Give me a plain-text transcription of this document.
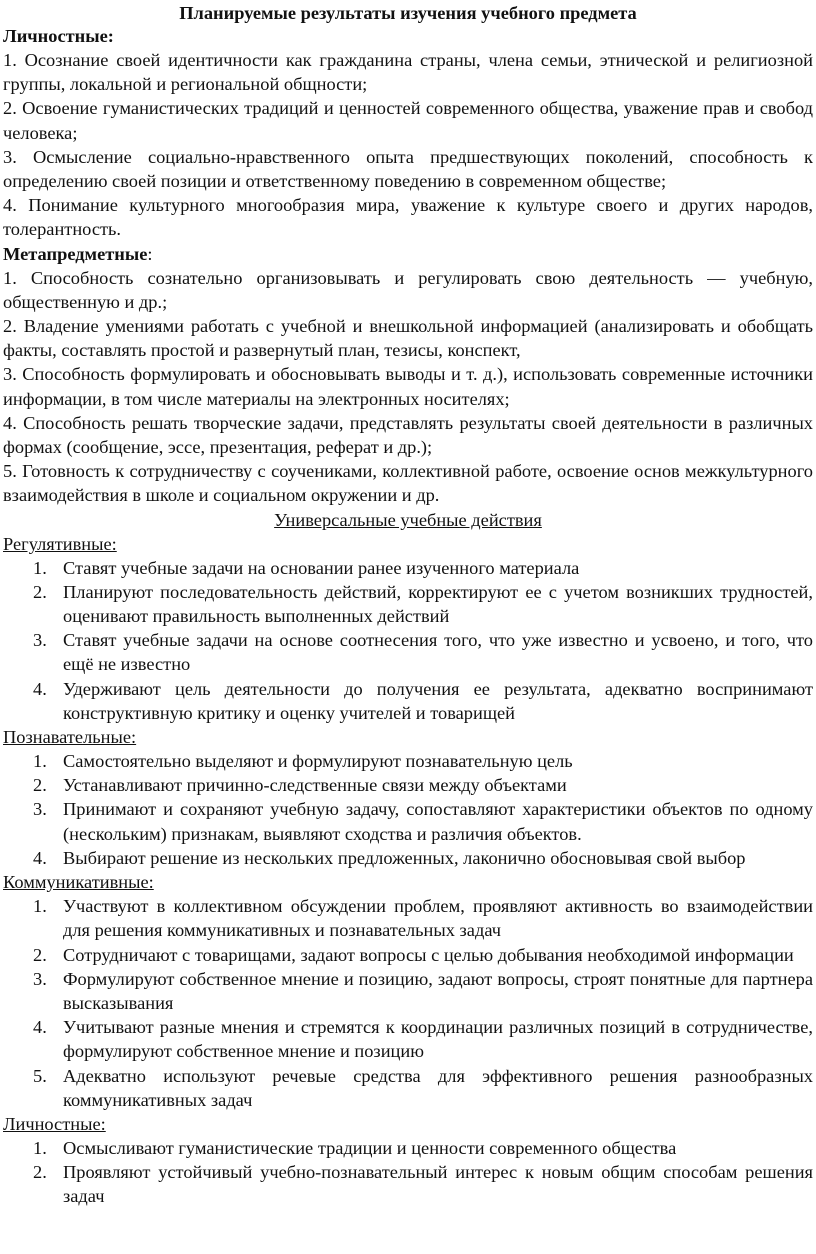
Планируемые результаты изучения учебного предмета

Личностные:

1. Осознание своей идентичности как гражданина страны, члена семьи, этнической и религиозной группы, локальной и региональной общности;

2. Освоение гуманистических традиций и ценностей современного общества, уважение прав и свобод человека;

3. Осмысление социально-нравственного опыта предшествующих поколений, способность к определению своей позиции и ответственному поведению в современном обществе;

4. Понимание культурного многообразия мира, уважение к культуре своего и других народов, толерантность.

Метапредметные:

1. Способность сознательно организовывать и регулировать свою деятельность — учебную, общественную и др.;

2. Владение умениями работать с учебной и внешкольной информацией (анализировать и обобщать факты, составлять простой и развернутый план, тезисы, конспект,

3. Способность формулировать и обосновывать выводы и т. д.), использовать современные источники информации, в том числе материалы на электронных носителях;

4. Способность решать творческие задачи, представлять результаты своей деятельности в различных формах (сообщение, эссе, презентация, реферат и др.);

5. Готовность к сотрудничеству с соучениками, коллективной работе, освоение основ межкультурного взаимодействия в школе и социальном окружении и др.

Универсальные учебные действия

Регулятивные:

1. Ставят учебные задачи на основании ранее изученного материала
2. Планируют последовательность действий, корректируют ее с учетом возникших трудностей, оценивают правильность выполненных действий
3. Ставят учебные задачи на основе соотнесения того, что уже известно и усвоено, и того, что ещё не известно
4. Удерживают цель деятельности до получения ее результата, адекватно воспринимают конструктивную критику и оценку учителей и товарищей

Познавательные:

1. Самостоятельно выделяют и формулируют познавательную цель
2. Устанавливают причинно-следственные связи между объектами
3. Принимают и сохраняют учебную задачу, сопоставляют характеристики объектов по одному (нескольким) признакам, выявляют сходства и различия объектов.
4. Выбирают решение из нескольких предложенных, лаконично обосновывая свой выбор

Коммуникативные:

1. Участвуют в коллективном обсуждении проблем, проявляют активность во взаимодействии для решения коммуникативных и познавательных задач
2. Сотрудничают с товарищами, задают вопросы с целью добывания необходимой информации
3. Формулируют собственное мнение и позицию, задают вопросы, строят понятные для партнера высказывания
4. Учитывают разные мнения и стремятся к координации различных позиций в сотрудничестве, формулируют собственное мнение и позицию
5. Адекватно используют речевые средства для эффективного решения разнообразных коммуникативных задач

Личностные:

1. Осмысливают гуманистические традиции и ценности современного общества
2. Проявляют устойчивый учебно-познавательный интерес к новым общим способам решения задач
